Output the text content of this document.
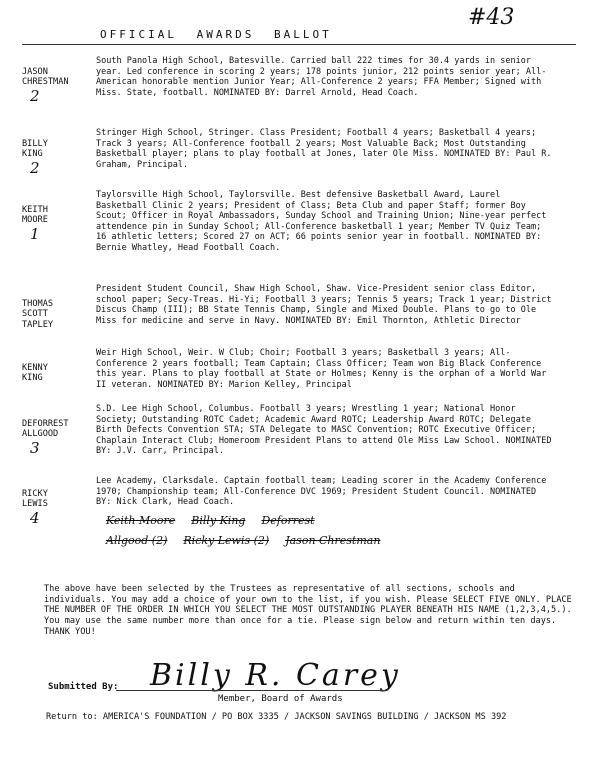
OFFICIAL AWARDS BALLOT
#43

JASON
CHRESTMAN

2

South Panola High School, Batesville. Carried ball 222 times for 30.4 yards in senior year. Led conference in scoring 2 years; 178 points junior, 212 points senior year; All-American honorable mention Junior Year; All-Conference 2 years; FFA Member; Signed with Miss. State, football. NOMINATED BY: Darrel Arnold, Head Coach.

BILLY
KING

2

Stringer High School, Stringer. Class President; Football 4 years; Basketball 4 years; Track 3 years; All-Conference football 2 years; Most Valuable Back; Most Outstanding Basketball player; plans to play football at Jones, later Ole Miss. NOMINATED BY: Paul R. Graham, Principal.

KEITH
MOORE

1

Taylorsville High School, Taylorsville. Best defensive Basketball Award, Laurel Basketball Clinic 2 years; President of Class; Beta Club and paper Staff; former Boy Scout; Officer in Royal Ambassadors, Sunday School and Training Union; Nine-year perfect attendence pin in Sunday School; All-Conference basketball 1 year; Member TV Quiz Team; 16 athletic letters; Scored 27 on ACT; 66 points senior year in football. NOMINATED BY: Bernie Whatley, Head Football Coach.

THOMAS
SCOTT
TAPLEY

President Student Council, Shaw High School, Shaw. Vice-President senior class Editor, school paper; Secy-Treas. Hi-Yi; Football 3 years; Tennis 5 years; Track 1 year; District Discus Champ (III); BB State Tennis Champ, Single and Mixed Double. Plans to go to Ole Miss for medicine and serve in Navy. NOMINATED BY: Emil Thornton, Athletic Director

KENNY
KING

Weir High School, Weir. W Club; Choir; Football 3 years; Basketball 3 years; All-Conference 2 years football; Team Captain; Class Officer; Team won Big Black Conference this year. Plans to play football at State or Holmes; Kenny is the orphan of a World War II veteran. NOMINATED BY: Marion Kelley, Principal

DEFORREST
ALLGOOD

3

S.D. Lee High School, Columbus. Football 3 years; Wrestling 1 year; National Honor Society; Outstanding ROTC Cadet; Academic Award ROTC; Leadership Award ROTC; Delegate Birth Defects Convention STA; STA Delegate to MASC Convention; ROTC Executive Officer; Chaplain Interact Club; Homeroom President Plans to attend Ole Miss Law School. NOMINATED BY: J.V. Carr, Principal.

RICKY
LEWIS

4

Lee Academy, Clarksdale. Captain football team; Leading scorer in the Academy Conference 1970; Championship team; All-Conference DVC 1969; President Student Council. NOMINATED BY: Nick Clark, Head Coach.
Keith Moore Billy King Deforrest
Allgood (2) Ricky Lewis (2) Jason Chrestman
The above have been selected by the Trustees as representative of all sections, schools and individuals. You may add a choice of your own to the list, if you wish. Please SELECT FIVE ONLY. PLACE THE NUMBER OF THE ORDER IN WHICH YOU SELECT THE MOST OUTSTANDING PLAYER BENEATH HIS NAME (1,2,3,4,5.). You may use the same number more than once for a tie. Please sign below and return within ten days. THANK YOU!
Billy R. Carey
Submitted By:
Member, Board of Awards
Return to: AMERICA'S FOUNDATION / PO BOX 3335 / JACKSON SAVINGS BUILDING / JACKSON MS 392
